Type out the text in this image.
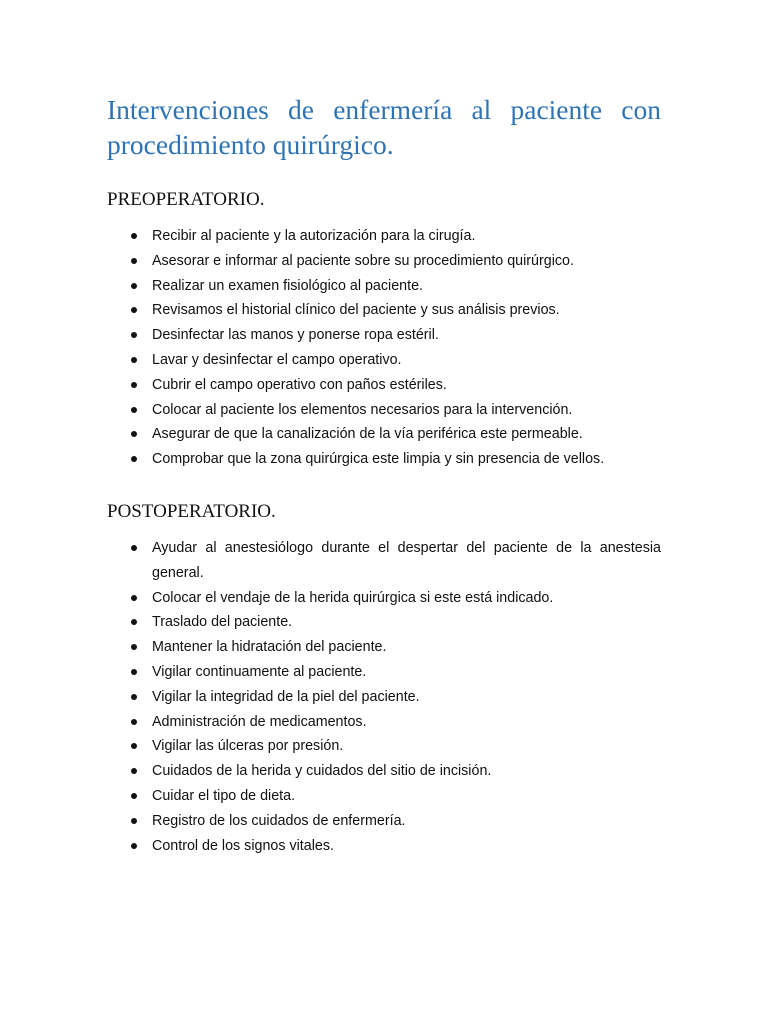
Intervenciones de enfermería al paciente con procedimiento quirúrgico.
PREOPERATORIO.
Recibir al paciente y la autorización para la cirugía.
Asesorar e informar al paciente sobre su procedimiento quirúrgico.
Realizar un examen fisiológico al paciente.
Revisamos el historial clínico del paciente y sus análisis previos.
Desinfectar las manos y ponerse ropa estéril.
Lavar y desinfectar el campo operativo.
Cubrir el campo operativo con paños estériles.
Colocar al paciente los elementos necesarios para la intervención.
Asegurar de que la canalización de la vía periférica este permeable.
Comprobar que la zona quirúrgica este limpia y sin presencia de vellos.
POSTOPERATORIO.
Ayudar al anestesiólogo durante el despertar del paciente de la anestesia general.
Colocar el vendaje de la herida quirúrgica si este está indicado.
Traslado del paciente.
Mantener la hidratación del paciente.
Vigilar continuamente al paciente.
Vigilar la integridad de la piel del paciente.
Administración de medicamentos.
Vigilar las úlceras por presión.
Cuidados de la herida y cuidados del sitio de incisión.
Cuidar el tipo de dieta.
Registro de los cuidados de enfermería.
Control de los signos vitales.
